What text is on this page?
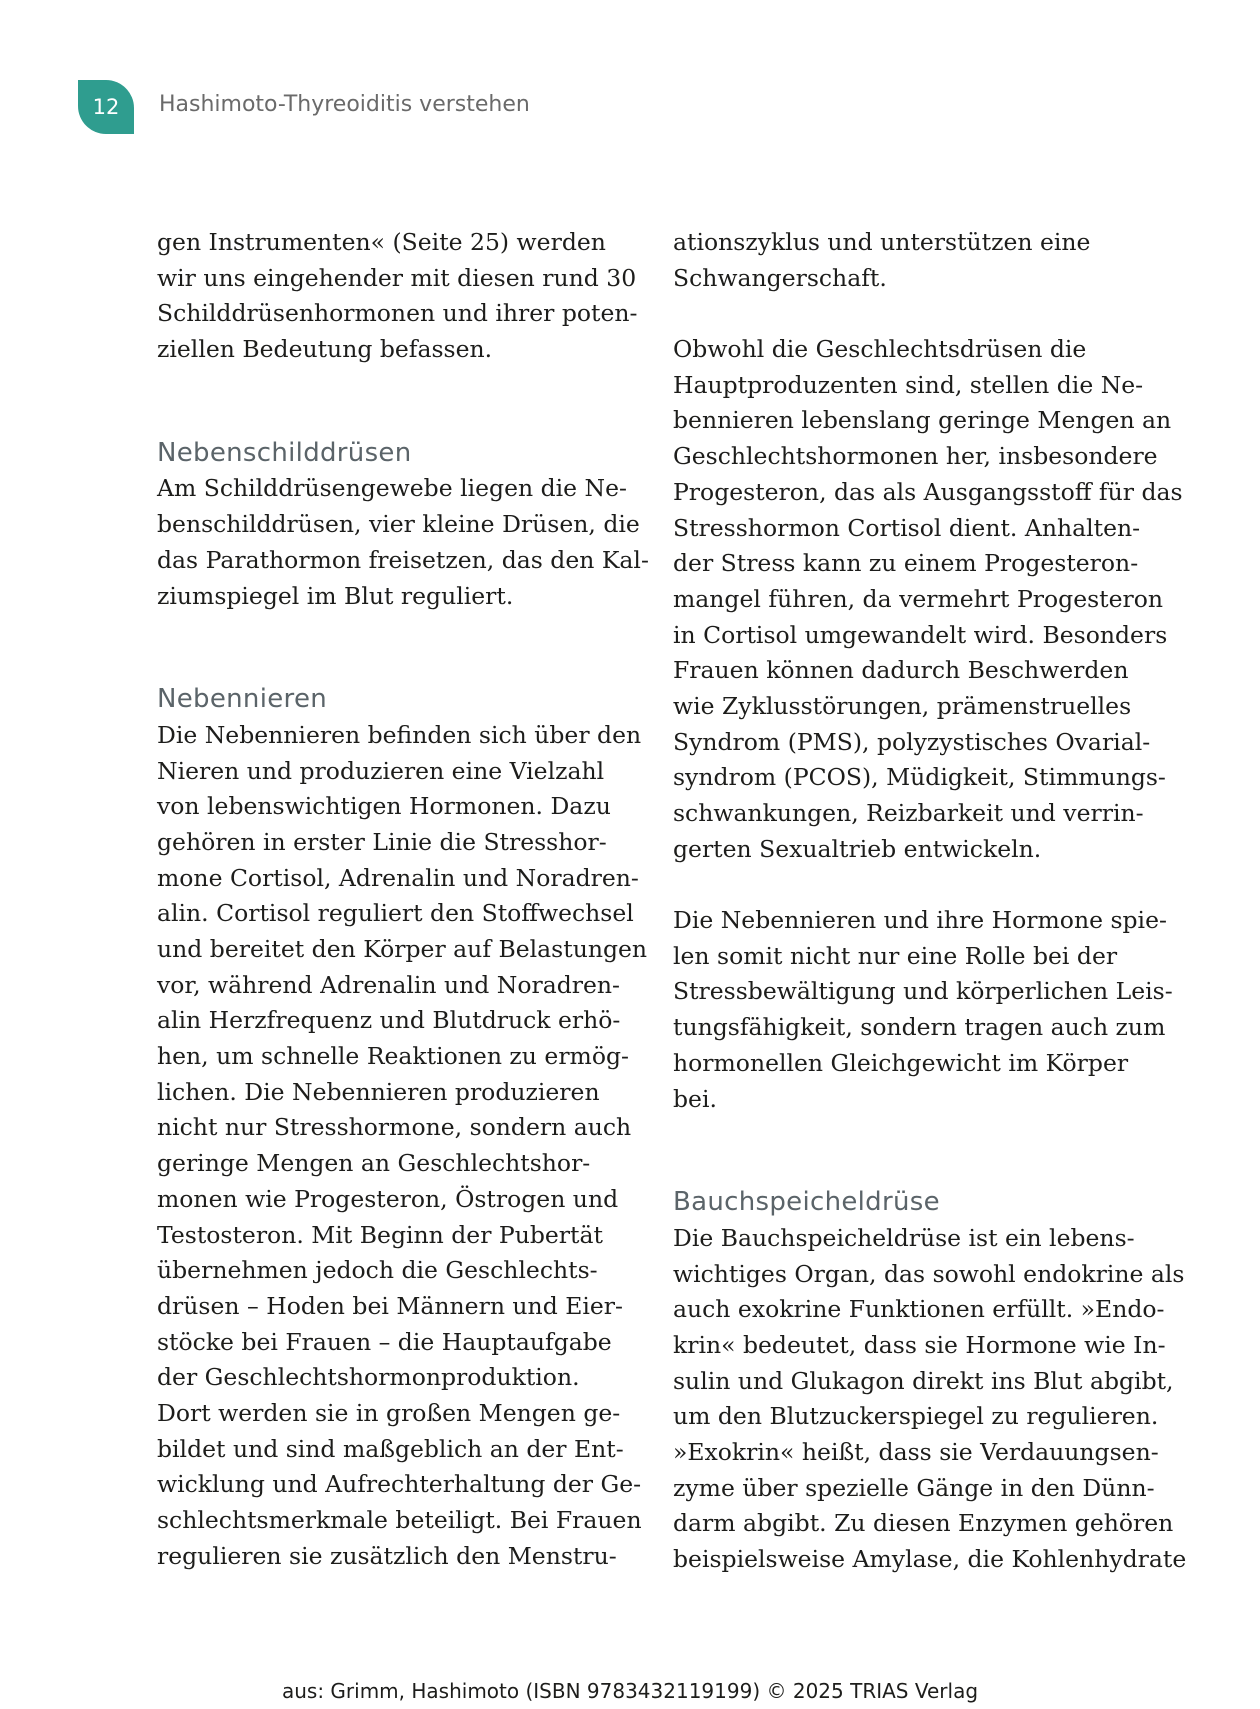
12 Hashimoto-Thyreoiditis verstehen
gen Instrumenten« (Seite 25) werden
wir uns eingehender mit diesen rund 30
Schilddrüsenhormonen und ihrer poten-
ziellen Bedeutung befassen.
Nebenschilddrüsen
Am Schilddrüsengewebe liegen die Ne-
benschilddrüsen, vier kleine Drüsen, die
das Parathormon freisetzen, das den Kal-
ziumspiegel im Blut reguliert.
Nebennieren
Die Nebennieren befinden sich über den
Nieren und produzieren eine Vielzahl
von lebenswichtigen Hormonen. Dazu
gehören in erster Linie die Stresshor-
mone Cortisol, Adrenalin und Noradren-
alin. Cortisol reguliert den Stoffwechsel
und bereitet den Körper auf Belastungen
vor, während Adrenalin und Noradren-
alin Herzfrequenz und Blutdruck erhö-
hen, um schnelle Reaktionen zu ermög-
lichen. Die Nebennieren produzieren
nicht nur Stresshormone, sondern auch
geringe Mengen an Geschlechtshor-
monen wie Progesteron, Östrogen und
Testosteron. Mit Beginn der Pubertät
übernehmen jedoch die Geschlechts-
drüsen – Hoden bei Männern und Eier-
stöcke bei Frauen – die Hauptaufgabe
der Geschlechtshormonproduktion.
Dort werden sie in großen Mengen ge-
bildet und sind maßgeblich an der Ent-
wicklung und Aufrechterhaltung der Ge-
schlechtsmerkmale beteiligt. Bei Frauen
regulieren sie zusätzlich den Menstru-
ationszyklus und unterstützen eine
Schwangerschaft.
Obwohl die Geschlechtsdrüsen die
Hauptproduzenten sind, stellen die Ne-
bennieren lebenslang geringe Mengen an
Geschlechtshormonen her, insbesondere
Progesteron, das als Ausgangsstoff für das
Stresshormon Cortisol dient. Anhalten-
der Stress kann zu einem Progesteron-
mangel führen, da vermehrt Progesteron
in Cortisol umgewandelt wird. Besonders
Frauen können dadurch Beschwerden
wie Zyklusstörungen, prämenstruelles
Syndrom (PMS), polyzystisches Ovarial-
syndrom (PCOS), Müdigkeit, Stimmungs-
schwankungen, Reizbarkeit und verrin-
gerten Sexualtrieb entwickeln.
Die Nebennieren und ihre Hormone spie-
len somit nicht nur eine Rolle bei der
Stressbewältigung und körperlichen Leis-
tungsfähigkeit, sondern tragen auch zum
hormonellen Gleichgewicht im Körper
bei.
Bauchspeicheldrüse
Die Bauchspeicheldrüse ist ein lebens-
wichtiges Organ, das sowohl endokrine als
auch exokrine Funktionen erfüllt. »Endo-
krin« bedeutet, dass sie Hormone wie In-
sulin und Glukagon direkt ins Blut abgibt,
um den Blutzuckerspiegel zu regulieren.
»Exokrin« heißt, dass sie Verdauungsen-
zyme über spezielle Gänge in den Dünn-
darm abgibt. Zu diesen Enzymen gehören
beispielsweise Amylase, die Kohlenhydrate
aus: Grimm, Hashimoto (ISBN 9783432119199) © 2025 TRIAS Verlag
